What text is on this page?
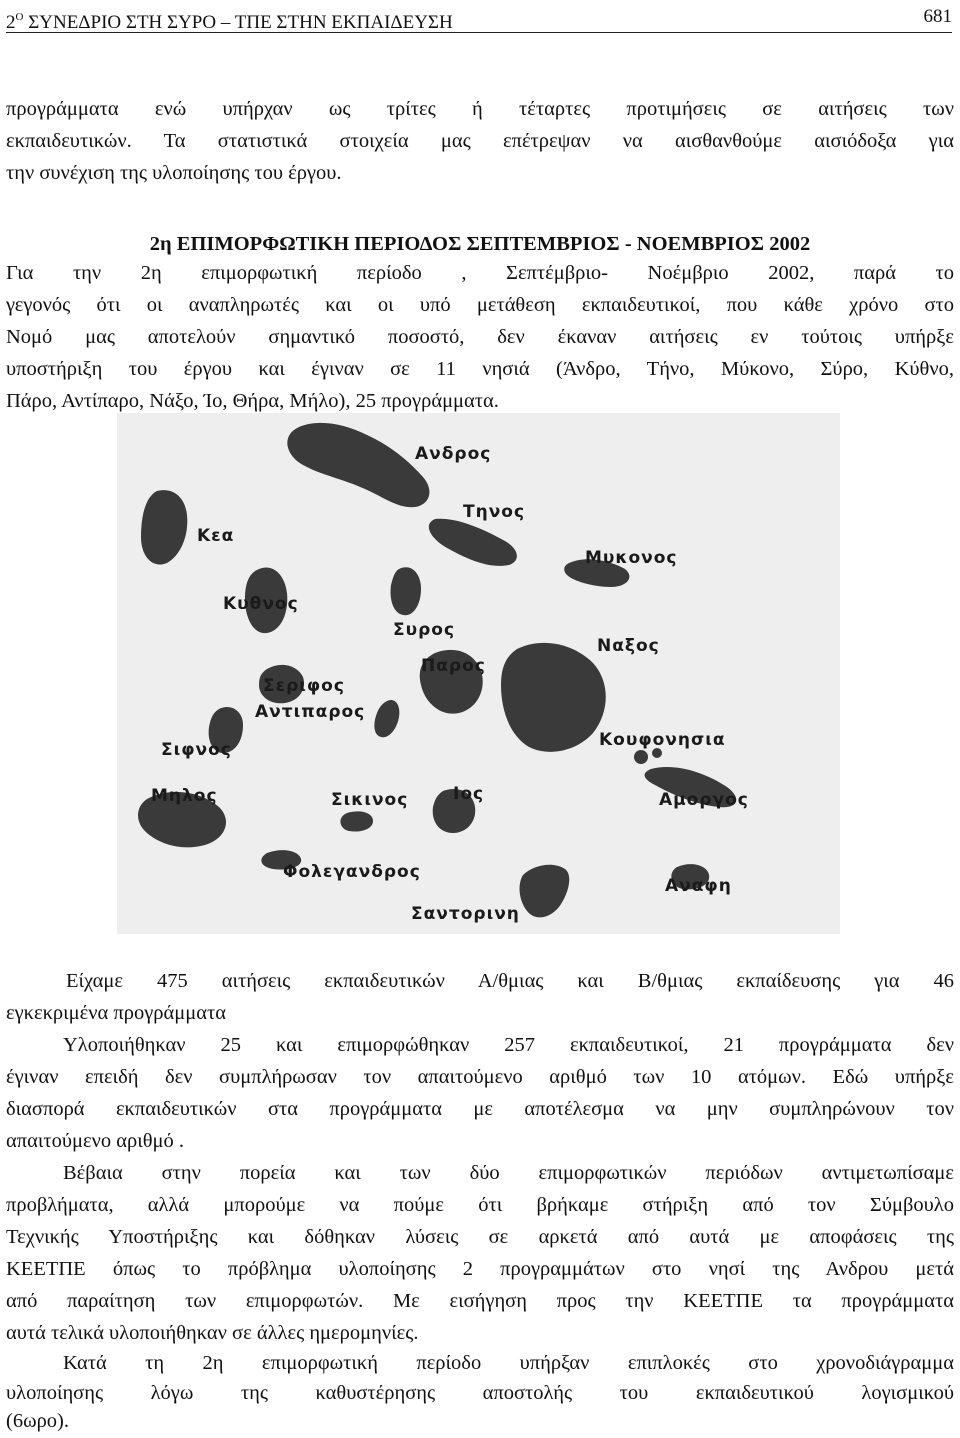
$2^O$ ΣΥΝΕΔΡΙΟ ΣΤΗ ΣΥΡΟ – ΤΠΕ ΣΤΗΝ ΕΚΠΑΙΔΕΥΣΗ	681
προγράμματα ενώ υπήρχαν ως τρίτες ή τέταρτες προτιμήσεις σε αιτήσεις των
εκπαιδευτικών. Τα στατιστικά στοιχεία μας επέτρεψαν να αισθανθούμε αισιόδοξα για
την συνέχιση της υλοποίησης του έργου.
2η ΕΠΙΜΟΡΦΩΤΙΚΗ ΠΕΡΙΟΔΟΣ ΣΕΠΤΕΜΒΡΙΟΣ - ΝΟΕΜΒΡΙΟΣ 2002
Για την 2η επιμορφωτική περίοδο , Σεπτέμβριο- Νοέμβριο 2002, παρά το
γεγονός ότι οι αναπληρωτές και οι υπό μετάθεση εκπαιδευτικοί, που κάθε χρόνο στο
Νομό μας αποτελούν σημαντικό ποσοστό, δεν έκαναν αιτήσεις εν τούτοις υπήρξε
υποστήριξη του έργου και έγιναν σε 11 νησιά (Άνδρο, Τήνο, Μύκονο, Σύρο, Κύθνο,
Πάρο, Αντίπαρο, Νάξο, Ίο, Θήρα, Μήλο), 25 προγράμματα.
Ανδρος
Τηνος
Κεα
Μυκονος
Κυθνος
Συρος
Ναξος
Σεριφος
Παρος
Αντιπαρος
Κουφονησια
Σιφνος
Μηλος	Σικινος	Ιος	Αμοργος
Φολεγανδρος
Αναφη
Σαντορινη
Είχαμε 475 αιτήσεις εκπαιδευτικών Α/θμιας και Β/θμιας εκπαίδευσης για 46
εγκεκριμένα προγράμματα
Υλοποιήθηκαν 25 και επιμορφώθηκαν 257 εκπαιδευτικοί, 21 προγράμματα δεν
έγιναν επειδή δεν συμπλήρωσαν τον απαιτούμενο αριθμό των 10 ατόμων. Εδώ υπήρξε
διασπορά εκπαιδευτικών στα προγράμματα με αποτέλεσμα να μην συμπληρώνουν τον
απαιτούμενο αριθμό .
Βέβαια στην πορεία και των δύο επιμορφωτικών περιόδων αντιμετωπίσαμε
προβλήματα, αλλά μπορούμε να πούμε ότι βρήκαμε στήριξη από τον Σύμβουλο
Τεχνικής Υποστήριξης και δόθηκαν λύσεις σε αρκετά από αυτά με αποφάσεις της
ΚΕΕΤΠΕ όπως το πρόβλημα υλοποίησης 2 προγραμμάτων στο νησί της Ανδρου μετά
από παραίτηση των επιμορφωτών. Με εισήγηση προς την ΚΕΕΤΠΕ τα προγράμματα
αυτά τελικά υλοποιήθηκαν σε άλλες ημερομηνίες.
Κατά τη 2η επιμορφωτική περίοδο υπήρξαν επιπλοκές στο χρονοδιάγραμμα
υλοποίησης λόγω της καθυστέρησης αποστολής του εκπαιδευτικού λογισμικού
(6ωρο).
